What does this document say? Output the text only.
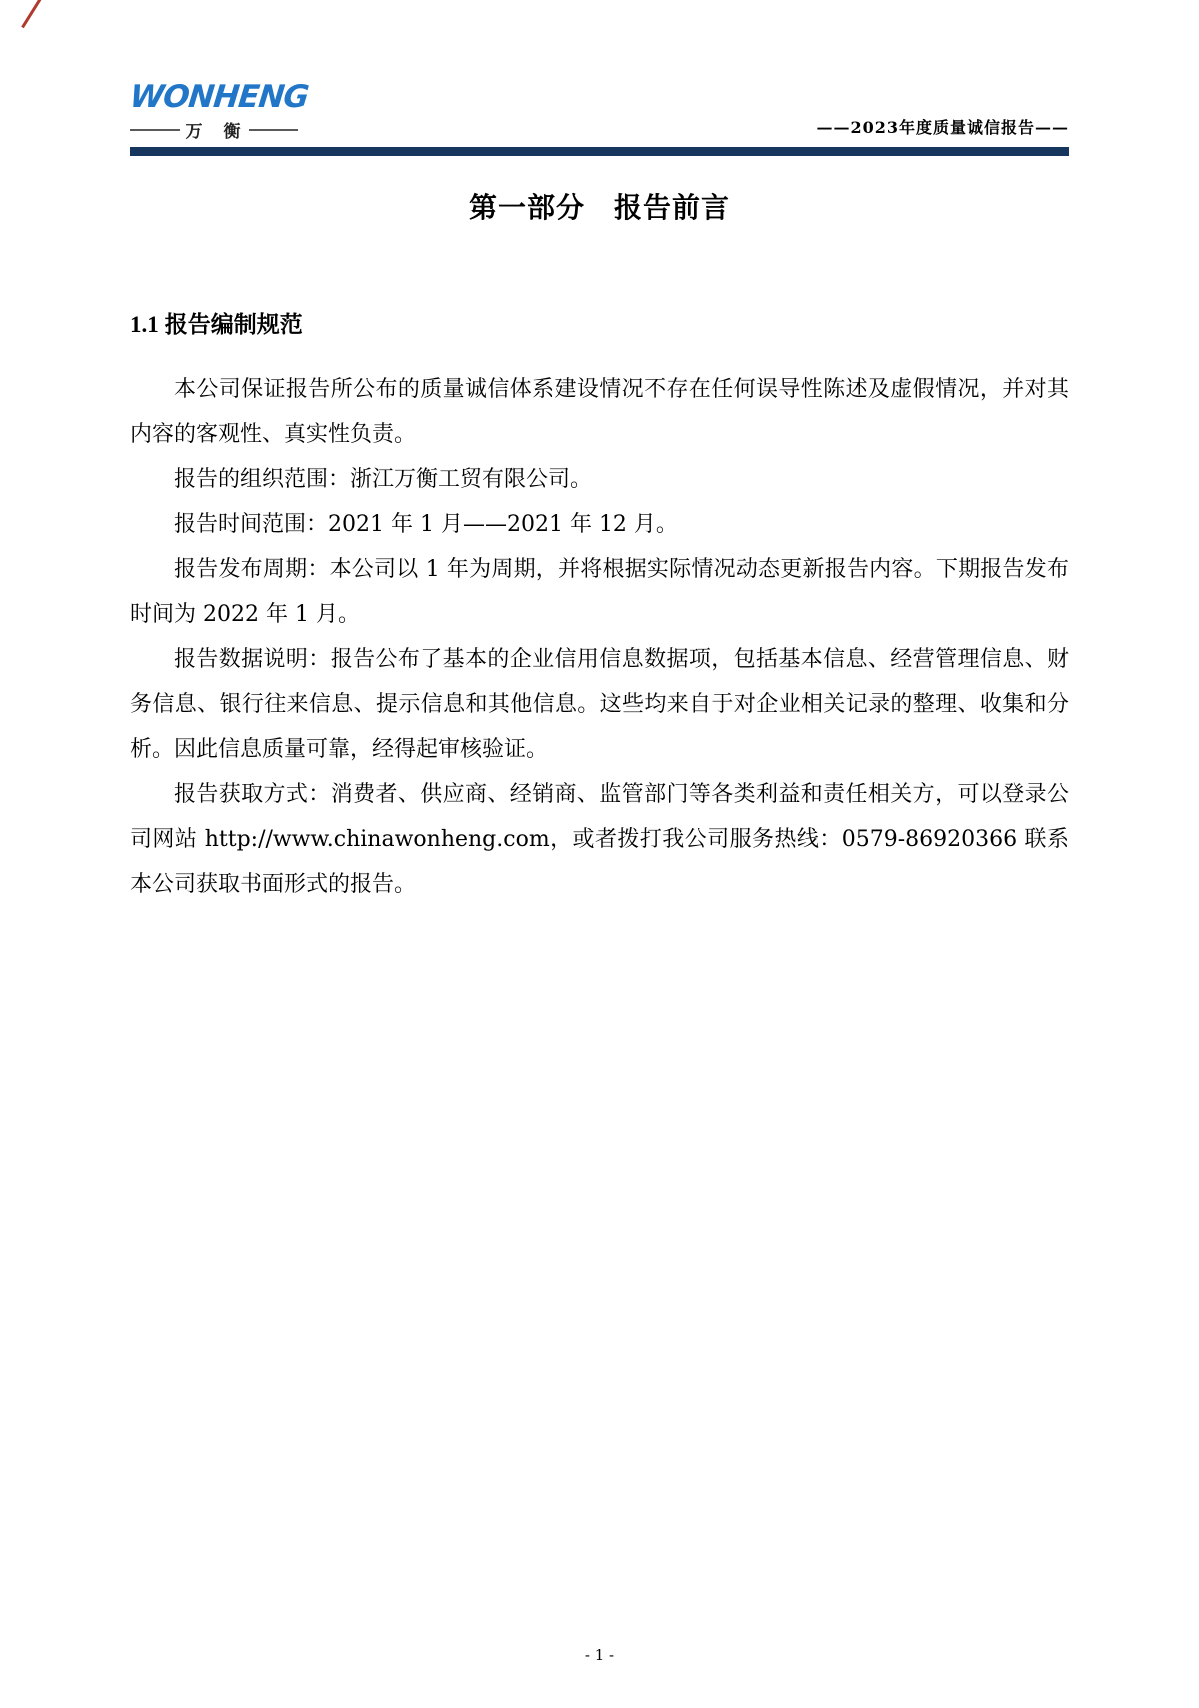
WONHENG
万　衡	——2023年度质量诚信报告——
第一部分　报告前言
1.1 报告编制规范

本公司保证报告所公布的质量诚信体系建设情况不存在任何误导性陈述及虚假情况，并对其内容的客观性、真实性负责。

报告的组织范围：浙江万衡工贸有限公司。

报告时间范围：2021 年 1 月——2021 年 12 月。

报告发布周期：本公司以 1 年为周期，并将根据实际情况动态更新报告内容。下期报告发布时间为 2022 年 1 月。

报告数据说明：报告公布了基本的企业信用信息数据项，包括基本信息、经营管理信息、财务信息、银行往来信息、提示信息和其他信息。这些均来自于对企业相关记录的整理、收集和分析。因此信息质量可靠，经得起审核验证。

报告获取方式：消费者、供应商、经销商、监管部门等各类利益和责任相关方，可以登录公司网站 http://www.chinawonheng.com，或者拨打我公司服务热线：0579-86920366 联系本公司获取书面形式的报告。

- 1 -
